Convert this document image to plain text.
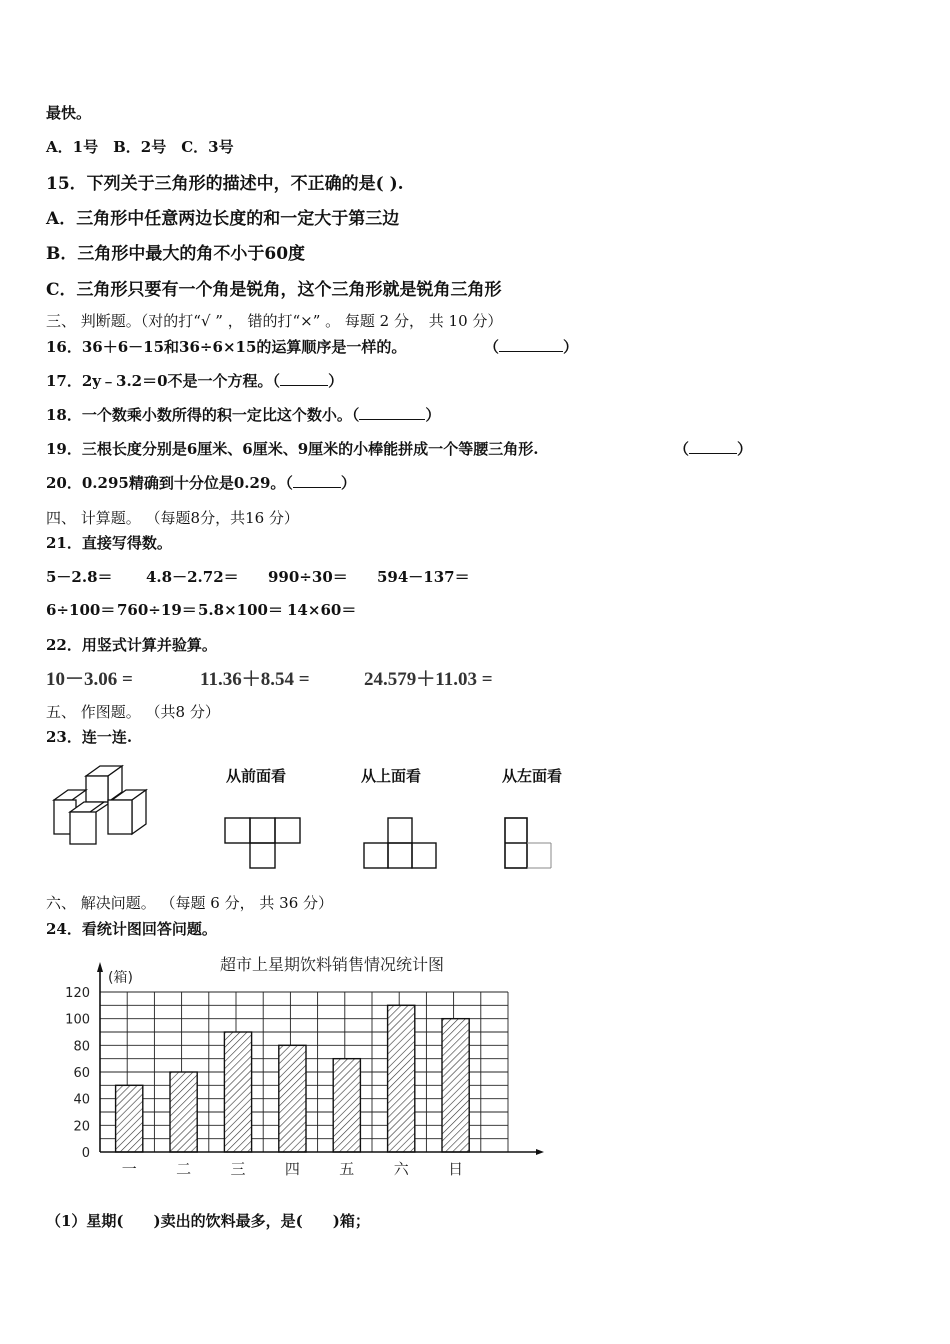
最快。
A．1号　B．2号　C．3号
15．下列关于三角形的描述中，不正确的是( ).
A．三角形中任意两边长度的和一定大于第三边
B．三角形中最大的角不小于60度
C．三角形只要有一个角是锐角，这个三角形就是锐角三角形
三、 判断题。（对的打“√ ” ， 错的打“×” 。 每题 2 分， 共 10 分）
16．36＋6－15和36÷6×15的运算顺序是一样的。	（	）
17．2y﹣3.2＝0不是一个方程。（	）
18．一个数乘小数所得的积一定比这个数小。（	）
19．三根长度分别是6厘米、6厘米、9厘米的小棒能拼成一个等腰三角形.	（	）
20．0.295精确到十分位是0.29。（	）
四、 计算题。 （每题8分，共16 分）
21．直接写得数。
5－2.8＝ 4.8－2.72＝ 990÷30＝ 594－137＝
6÷100＝ 760÷19＝ 5.8×100＝ 14×60＝
22．用竖式计算并验算。
10－3.06 =	11.36＋8.54 =	24.579＋11.03 =
五、 作图题。 （共8 分）
23．连一连.
从前面看	从上面看	从左面看
六、 解决问题。 （每题 6 分， 共 36 分）
24．看统计图回答问题。
超市上星期饮料销售情况统计图
(箱)
0
20
40
60
80
100
120
一	二	三	四	五	六	日
（1）星期(　　)卖出的饮料最多，是(　　)箱；
